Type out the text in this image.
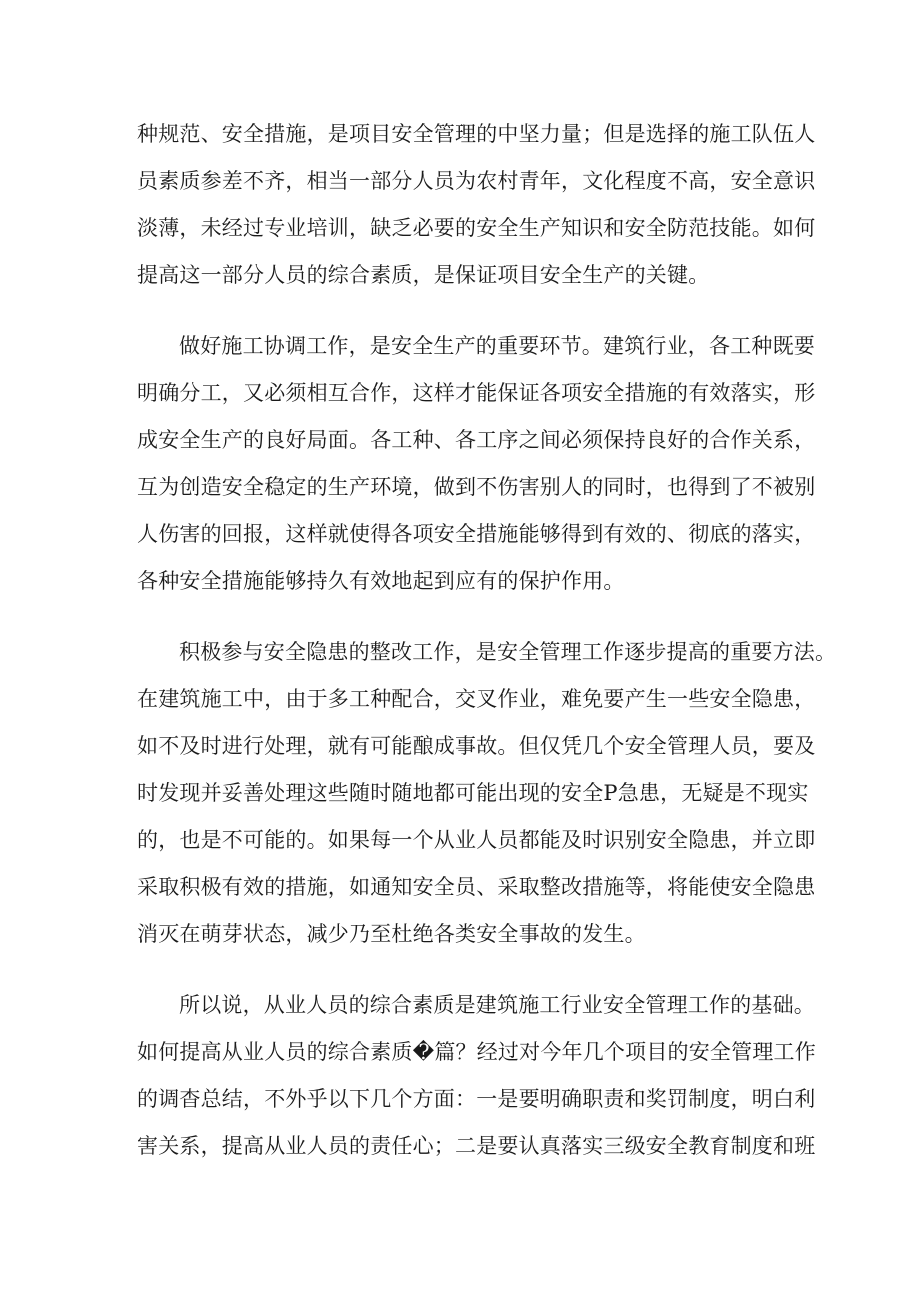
种规范、安全措施，是项目安全管理的中坚力量；但是选择的施工队伍人
员素质参差不齐，相当一部分人员为农村青年，文化程度不高，安全意识
淡薄，未经过专业培训，缺乏必要的安全生产知识和安全防范技能。如何
提高这一部分人员的综合素质，是保证项目安全生产的关键。
做好施工协调工作，是安全生产的重要环节。建筑行业，各工种既要
明确分工，又必须相互合作，这样才能保证各项安全措施的有效落实，形
成安全生产的良好局面。各工种、各工序之间必须保持良好的合作关系，
互为创造安全稳定的生产环境，做到不伤害别人的同时，也得到了不被别
人伤害的回报，这样就使得各项安全措施能够得到有效的、彻底的落实，
各种安全措施能够持久有效地起到应有的保护作用。
积极参与安全隐患的整改工作，是安全管理工作逐步提高的重要方法。
在建筑施工中，由于多工种配合，交叉作业，难免要产生一些安全隐患，
如不及时进行处理，就有可能酿成事故。但仅凭几个安全管理人员，要及
时发现并妥善处理这些随时随地都可能出现的安全P急患，无疑是不现实
的，也是不可能的。如果每一个从业人员都能及时识别安全隐患，并立即
采取积极有效的措施，如通知安全员、采取整改措施等，将能使安全隐患
消灭在萌芽状态，减少乃至杜绝各类安全事故的发生。
所以说，从业人员的综合素质是建筑施工行业安全管理工作的基础。
如何提高从业人员的综合素质�篇？经过对今年几个项目的安全管理工作
的调杳总结，不外乎以下几个方面：一是要明确职责和奖罚制度，明白利
害关系，提高从业人员的责任心；二是要认真落实三级安全教育制度和班
